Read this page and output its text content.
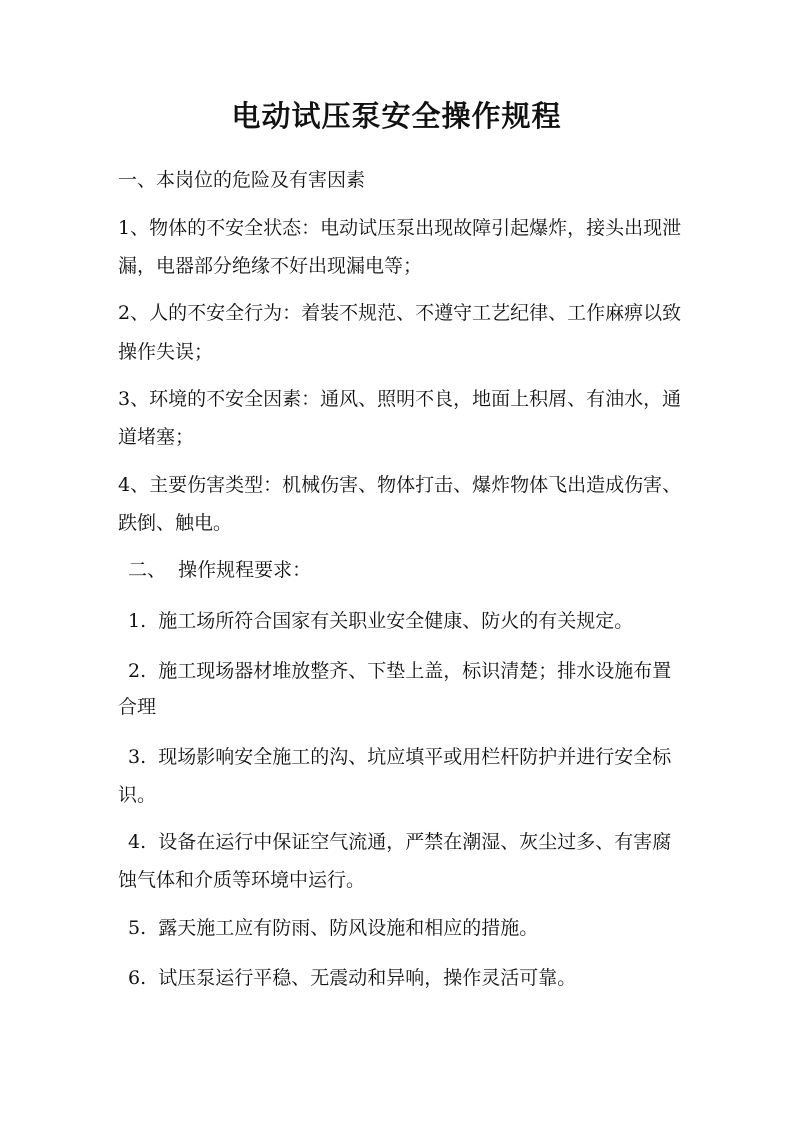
电动试压泵安全操作规程
一、本岗位的危险及有害因素
1、物体的不安全状态：电动试压泵出现故障引起爆炸，接头出现泄
漏，电器部分绝缘不好出现漏电等；
2、人的不安全行为：着装不规范、不遵守工艺纪律、工作麻痹以致
操作失误；
3、环境的不安全因素：通风、照明不良，地面上积屑、有油水，通
道堵塞；
4、主要伤害类型：机械伤害、物体打击、爆炸物体飞出造成伤害、
跌倒、触电。
二、  操作规程要求：
1.  施工场所符合国家有关职业安全健康、防火的有关规定。
2.  施工现场器材堆放整齐、下垫上盖，标识清楚；排水设施布置
合理
3.  现场影响安全施工的沟、坑应填平或用栏杆防护并进行安全标
识。
4.  设备在运行中保证空气流通，严禁在潮湿、灰尘过多、有害腐
蚀气体和介质等环境中运行。
5.  露天施工应有防雨、防风设施和相应的措施。
6.  试压泵运行平稳、无震动和异响，操作灵活可靠。
